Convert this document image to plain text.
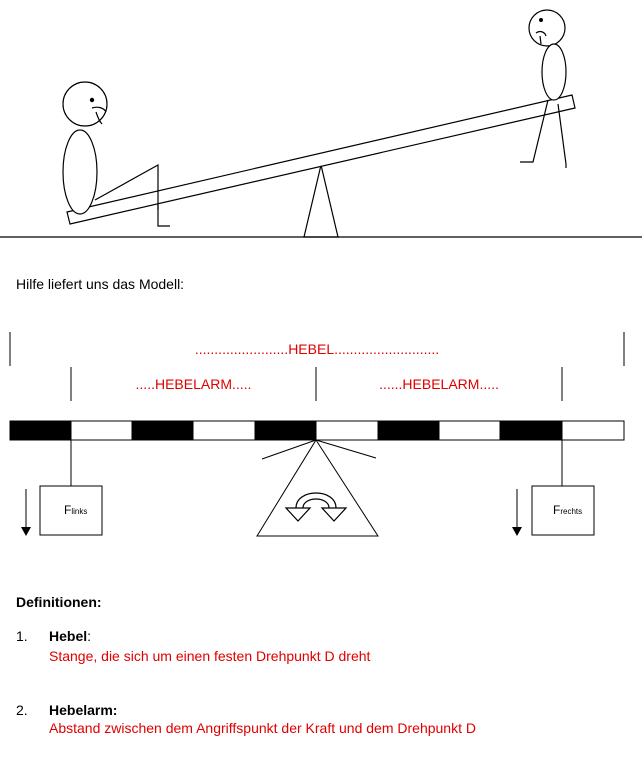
Hilfe liefert uns das Modell:
........................HEBEL...........................
.....HEBELARM.....	......HEBELARM.....
Flinks	Frechts
Definitionen:
1. Hebel:
Stange, die sich um einen festen Drehpunkt D dreht
2. Hebelarm:
Abstand zwischen dem Angriffspunkt der Kraft und dem Drehpunkt D
